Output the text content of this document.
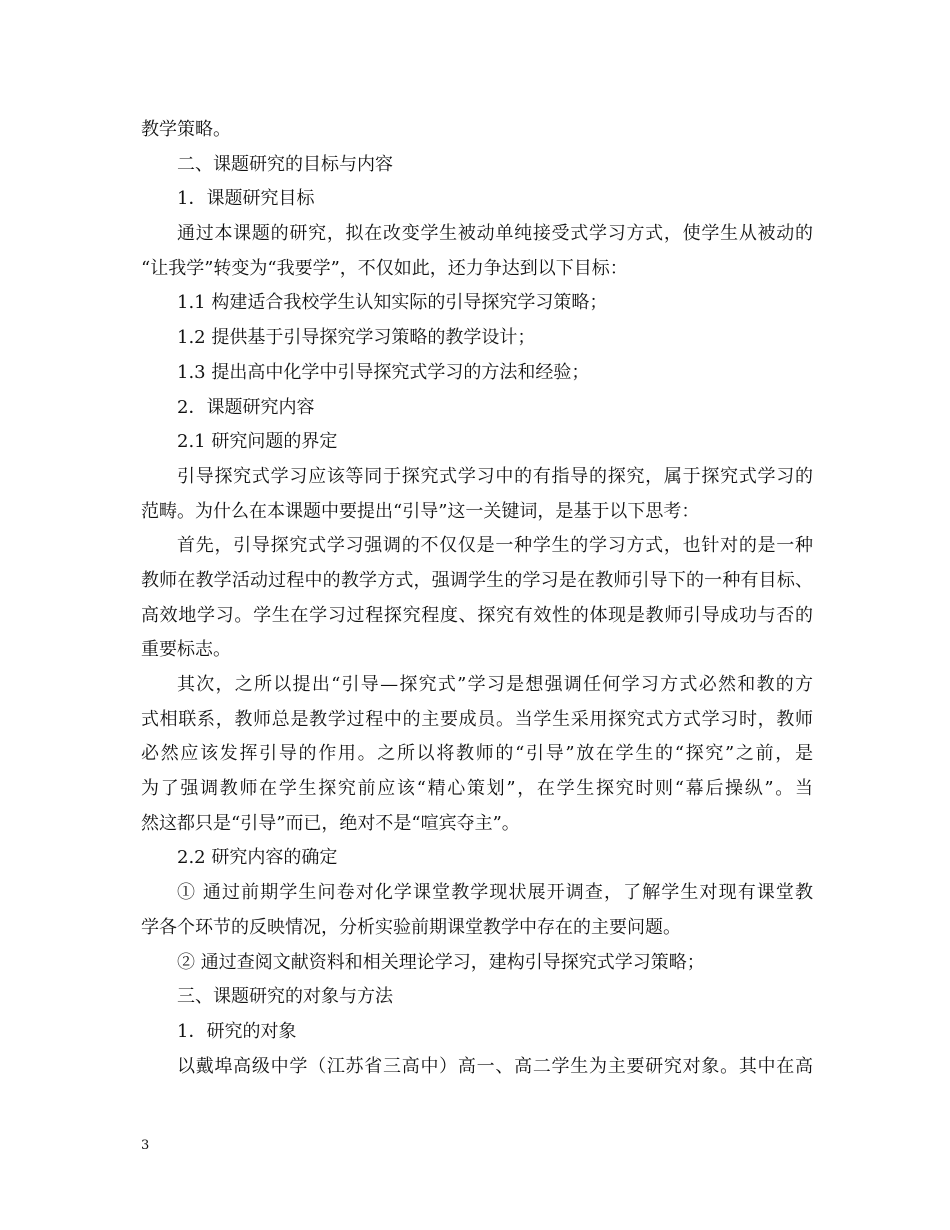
教学策略。

二、课题研究的目标与内容

1．课题研究目标

通过本课题的研究，拟在改变学生被动单纯接受式学习方式，使学生从被动的

“让我学”转变为“我要学”，不仅如此，还力争达到以下目标：

1.1 构建适合我校学生认知实际的引导探究学习策略；

1.2 提供基于引导探究学习策略的教学设计；

1.3 提出高中化学中引导探究式学习的方法和经验；

2．课题研究内容

2.1 研究问题的界定

引导探究式学习应该等同于探究式学习中的有指导的探究，属于探究式学习的

范畴。为什么在本课题中要提出“引导”这一关键词，是基于以下思考：

首先，引导探究式学习强调的不仅仅是一种学生的学习方式，也针对的是一种

教师在教学活动过程中的教学方式，强调学生的学习是在教师引导下的一种有目标、

高效地学习。学生在学习过程探究程度、探究有效性的体现是教师引导成功与否的

重要标志。

其次，之所以提出“引导—探究式”学习是想强调任何学习方式必然和教的方

式相联系，教师总是教学过程中的主要成员。当学生采用探究式方式学习时，教师

必然应该发挥引导的作用。之所以将教师的“引导”放在学生的“探究”之前，是

为了强调教师在学生探究前应该“精心策划”，在学生探究时则“幕后操纵”。当

然这都只是“引导”而已，绝对不是“喧宾夺主”。

2.2 研究内容的确定

① 通过前期学生问卷对化学课堂教学现状展开调查，了解学生对现有课堂教

学各个环节的反映情况，分析实验前期课堂教学中存在的主要问题。

② 通过查阅文献资料和相关理论学习，建构引导探究式学习策略；

三、课题研究的对象与方法

1．研究的对象

以戴埠高级中学（江苏省三高中）高一、高二学生为主要研究对象。其中在高

3
